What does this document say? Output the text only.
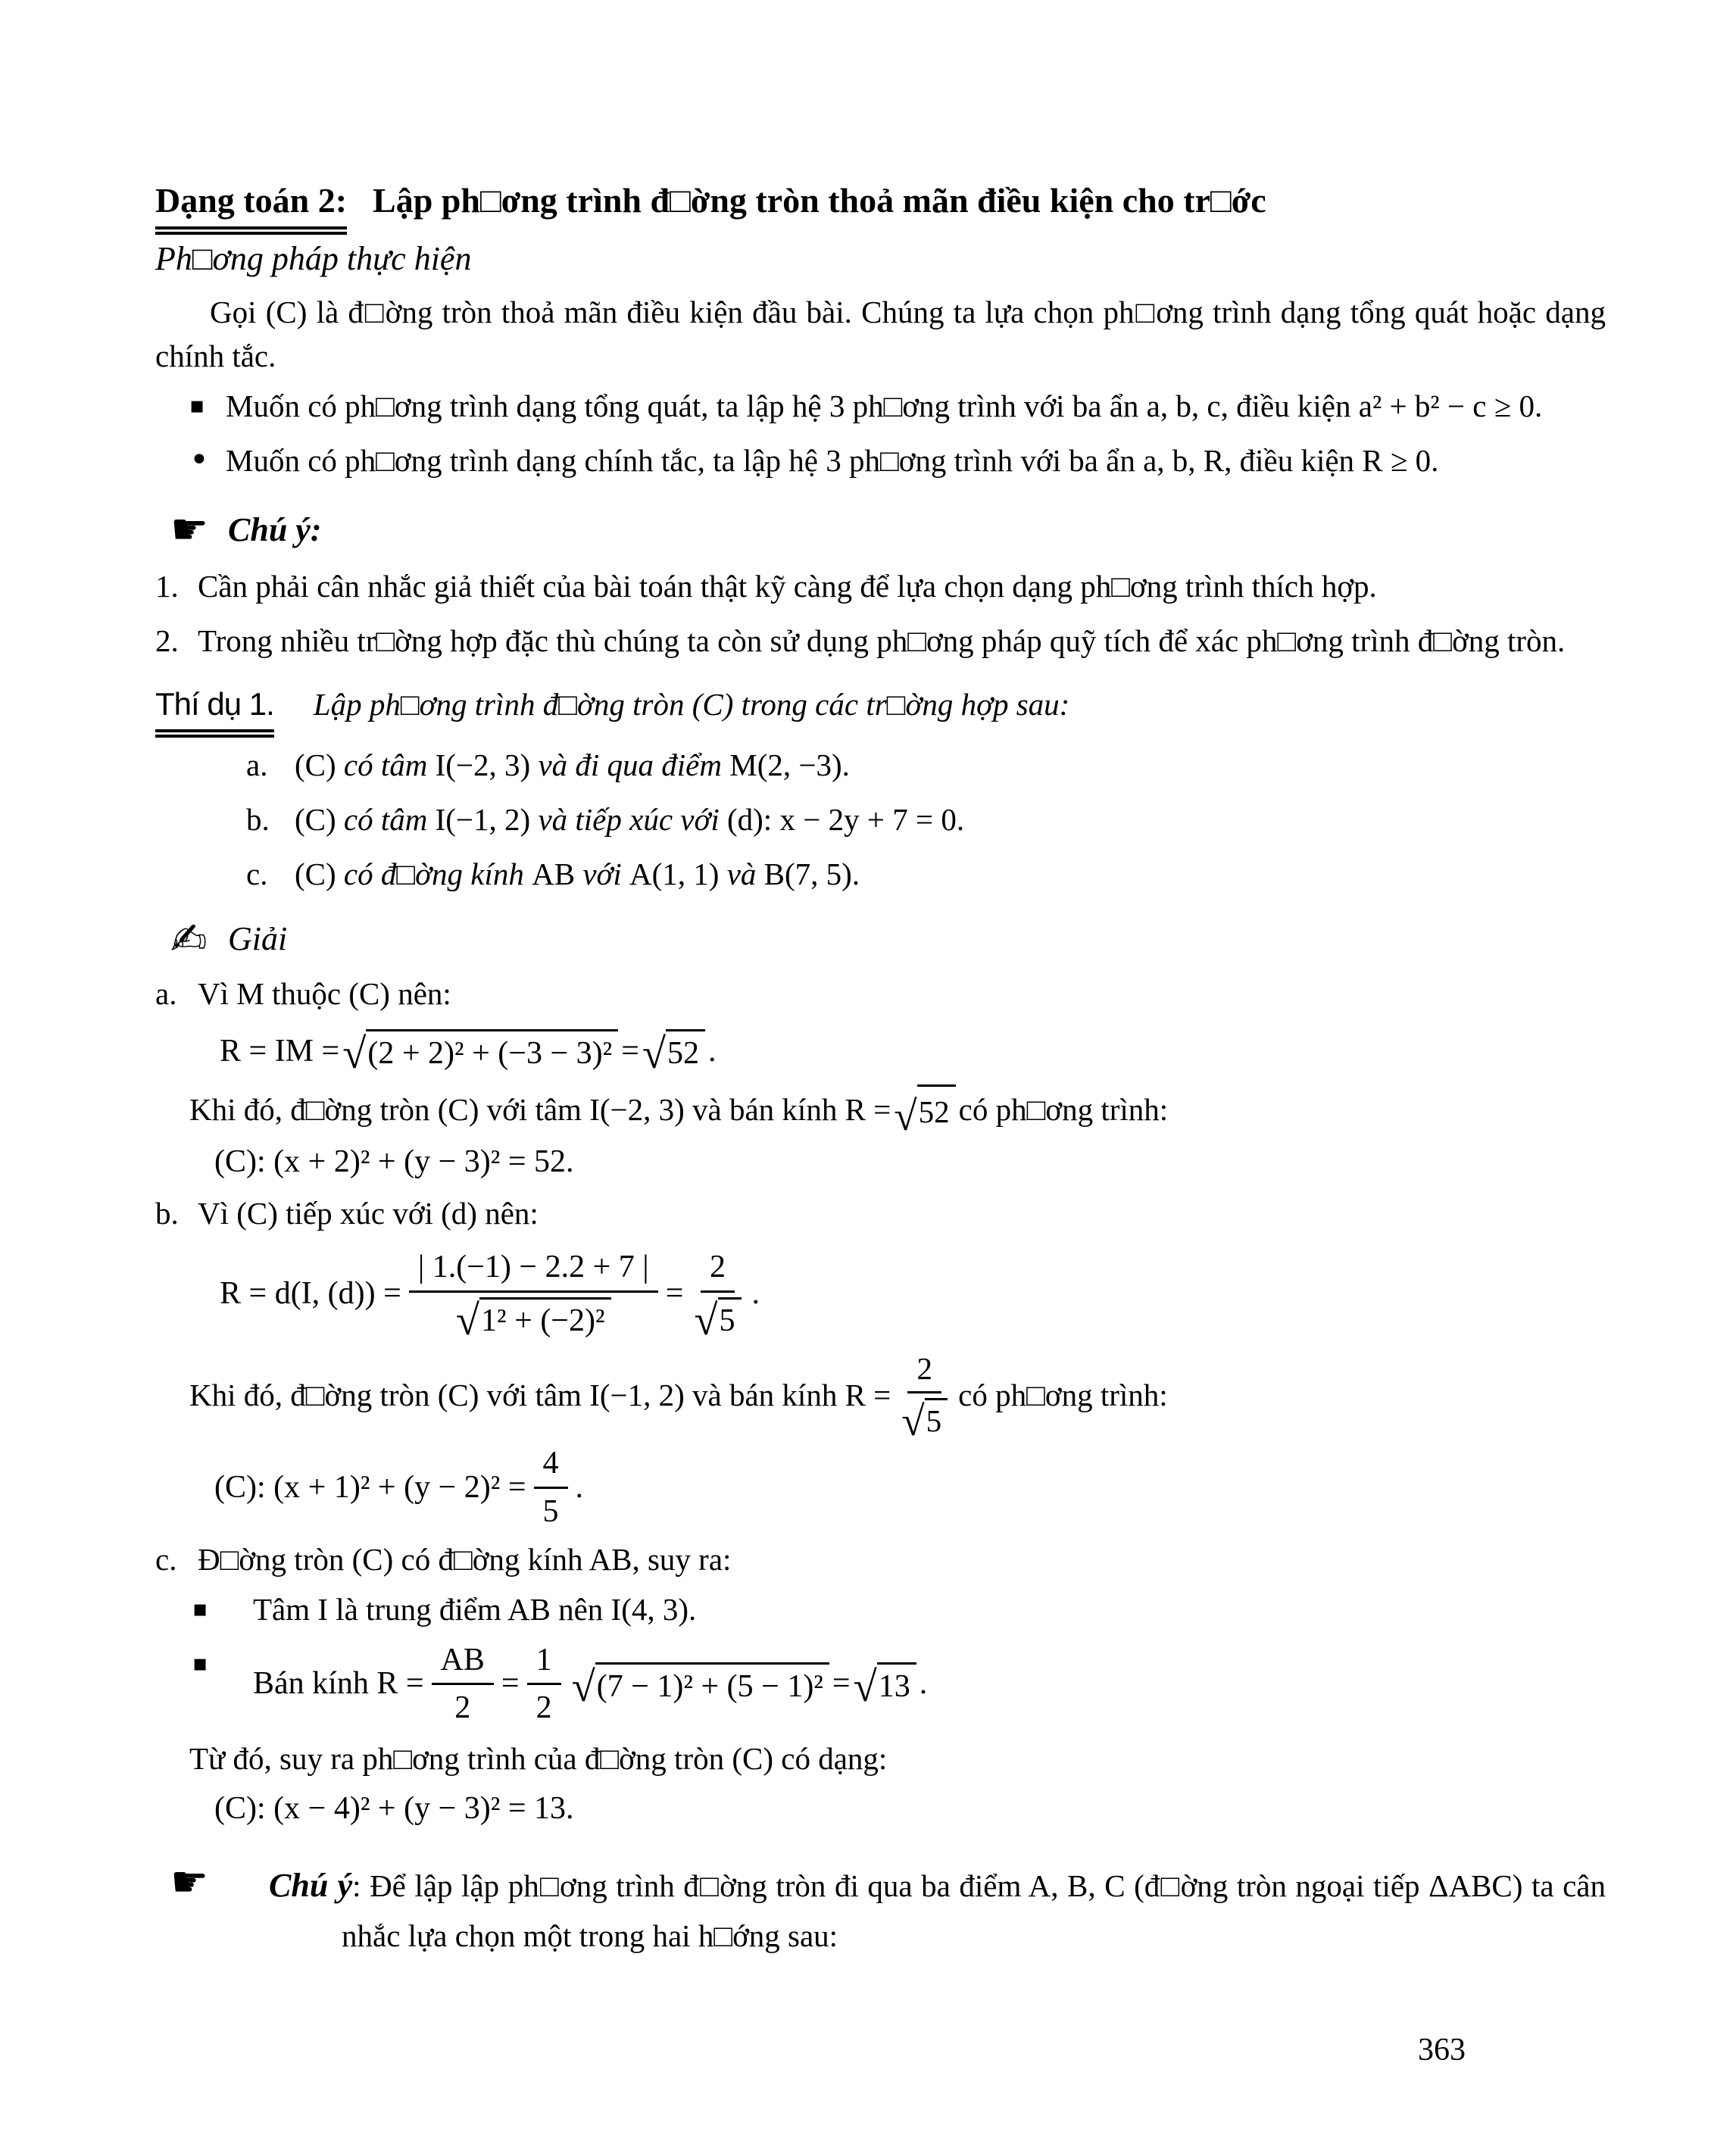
Dạng toán 2: Lập ph□ơng trình đ□ờng tròn thoả mãn điều kiện cho tr□ớc
Ph□ơng pháp thực hiện

Gọi (C) là đ□ờng tròn thoả mãn điều kiện đầu bài. Chúng ta lựa chọn ph□ơng trình dạng tổng quát hoặc dạng chính tắc.

▪ Muốn có ph□ơng trình dạng tổng quát, ta lập hệ 3 ph□ơng trình với ba ẩn a, b, c, điều kiện a² + b² − c ≥ 0.
• Muốn có ph□ơng trình dạng chính tắc, ta lập hệ 3 ph□ơng trình với ba ẩn a, b, R, điều kiện R ≥ 0.
☛ Chú ý:
1. Cần phải cân nhắc giả thiết của bài toán thật kỹ càng để lựa chọn dạng ph□ơng trình thích hợp.
2. Trong nhiều tr□ờng hợp đặc thù chúng ta còn sử dụng ph□ơng pháp quỹ tích để xác ph□ơng trình đ□ờng tròn.
Thí dụ 1. Lập ph□ơng trình đ□ờng tròn (C) trong các tr□ờng hợp sau:
a. (C) có tâm I(−2, 3) và đi qua điểm M(2, −3).
b. (C) có tâm I(−1, 2) và tiếp xúc với (d): x − 2y + 7 = 0.
c. (C) có đ□ờng kính AB với A(1, 1) và B(7, 5).
✍ Giải
a. Vì M thuộc (C) nên:
R = IM = √ (2 + 2)² + (−3 − 3)² = √ 52 .
Khi đó, đ□ờng tròn (C) với tâm I(−2, 3) và bán kính R = √ 52 có ph□ơng trình:
(C): (x + 2)² + (y − 3)² = 52.
b. Vì (C) tiếp xúc với (d) nên:
R = d(I, $(d)) = \frac{| 1.(-1) - 2.2 + 7 |}{\text{√ 1² + (−2)²}} = \frac{2}{√ 5}$ .
Khi đó, đ□ờng tròn (C) với tâm I(−1, 2) và bán kính $R = \frac{2}{√ 5}$ có ph□ơng trình:
(C): $(x + 1)^2 + (y - 2)^2 = \frac{4}{5}$ .
c. Đ□ờng tròn (C) có đ□ờng kính AB, suy ra:
▪	Tâm I là trung điểm AB nên I(4, 3).
▪
Bán kính $R = \frac{AB}{2} = \frac{1}{2}$ √ (7 − 1)² + (5 − 1)² = √ 13 .
Từ đó, suy ra ph□ơng trình của đ□ờng tròn (C) có dạng:
(C): (x − 4)² + (y − 3)² = 13.
☛	Chú ý: Để lập lập ph□ơng trình đ□ờng tròn đi qua ba điểm A, B, C (đ□ờng tròn ngoại tiếp ΔABC) ta cân nhắc lựa chọn một trong hai h□ớng sau:
363
